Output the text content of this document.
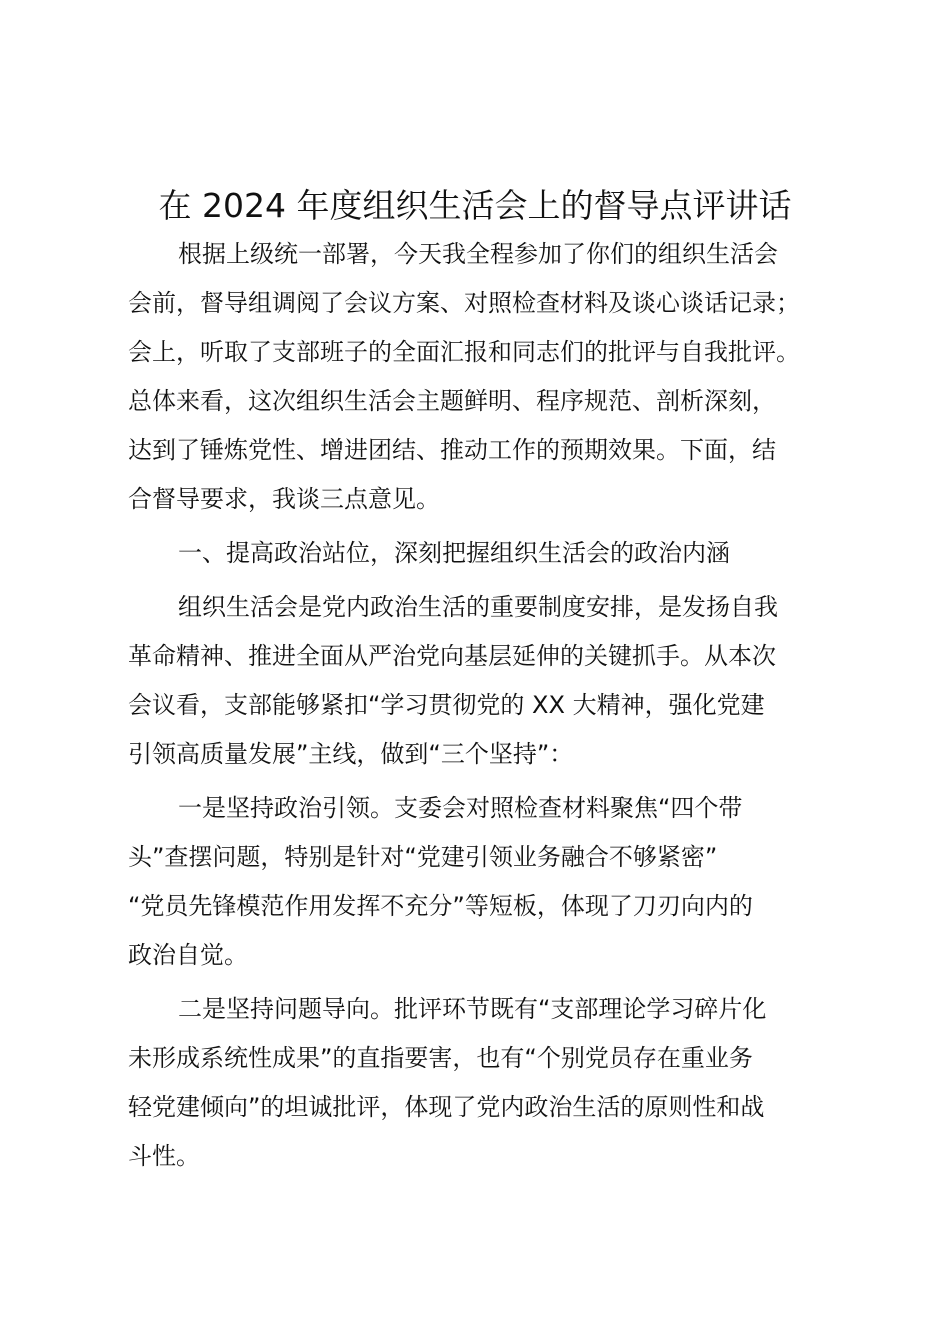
在 2024 年度组织生活会上的督导点评讲话
根据上级统一部署，今天我全程参加了你们的组织生活会
会前，督导组调阅了会议方案、对照检查材料及谈心谈话记录；
会上，听取了支部班子的全面汇报和同志们的批评与自我批评。
总体来看，这次组织生活会主题鲜明、程序规范、剖析深刻，
达到了锤炼党性、增进团结、推动工作的预期效果。下面，结
合督导要求，我谈三点意见。
一、提高政治站位，深刻把握组织生活会的政治内涵
组织生活会是党内政治生活的重要制度安排，是发扬自我
革命精神、推进全面从严治党向基层延伸的关键抓手。从本次
会议看，支部能够紧扣“学习贯彻党的 XX 大精神，强化党建
引领高质量发展”主线，做到“三个坚持”：
一是坚持政治引领。支委会对照检查材料聚焦“四个带
头”查摆问题，特别是针对“党建引领业务融合不够紧密”
“党员先锋模范作用发挥不充分”等短板，体现了刀刃向内的
政治自觉。
二是坚持问题导向。批评环节既有“支部理论学习碎片化
未形成系统性成果”的直指要害，也有“个别党员存在重业务
轻党建倾向”的坦诚批评，体现了党内政治生活的原则性和战
斗性。
